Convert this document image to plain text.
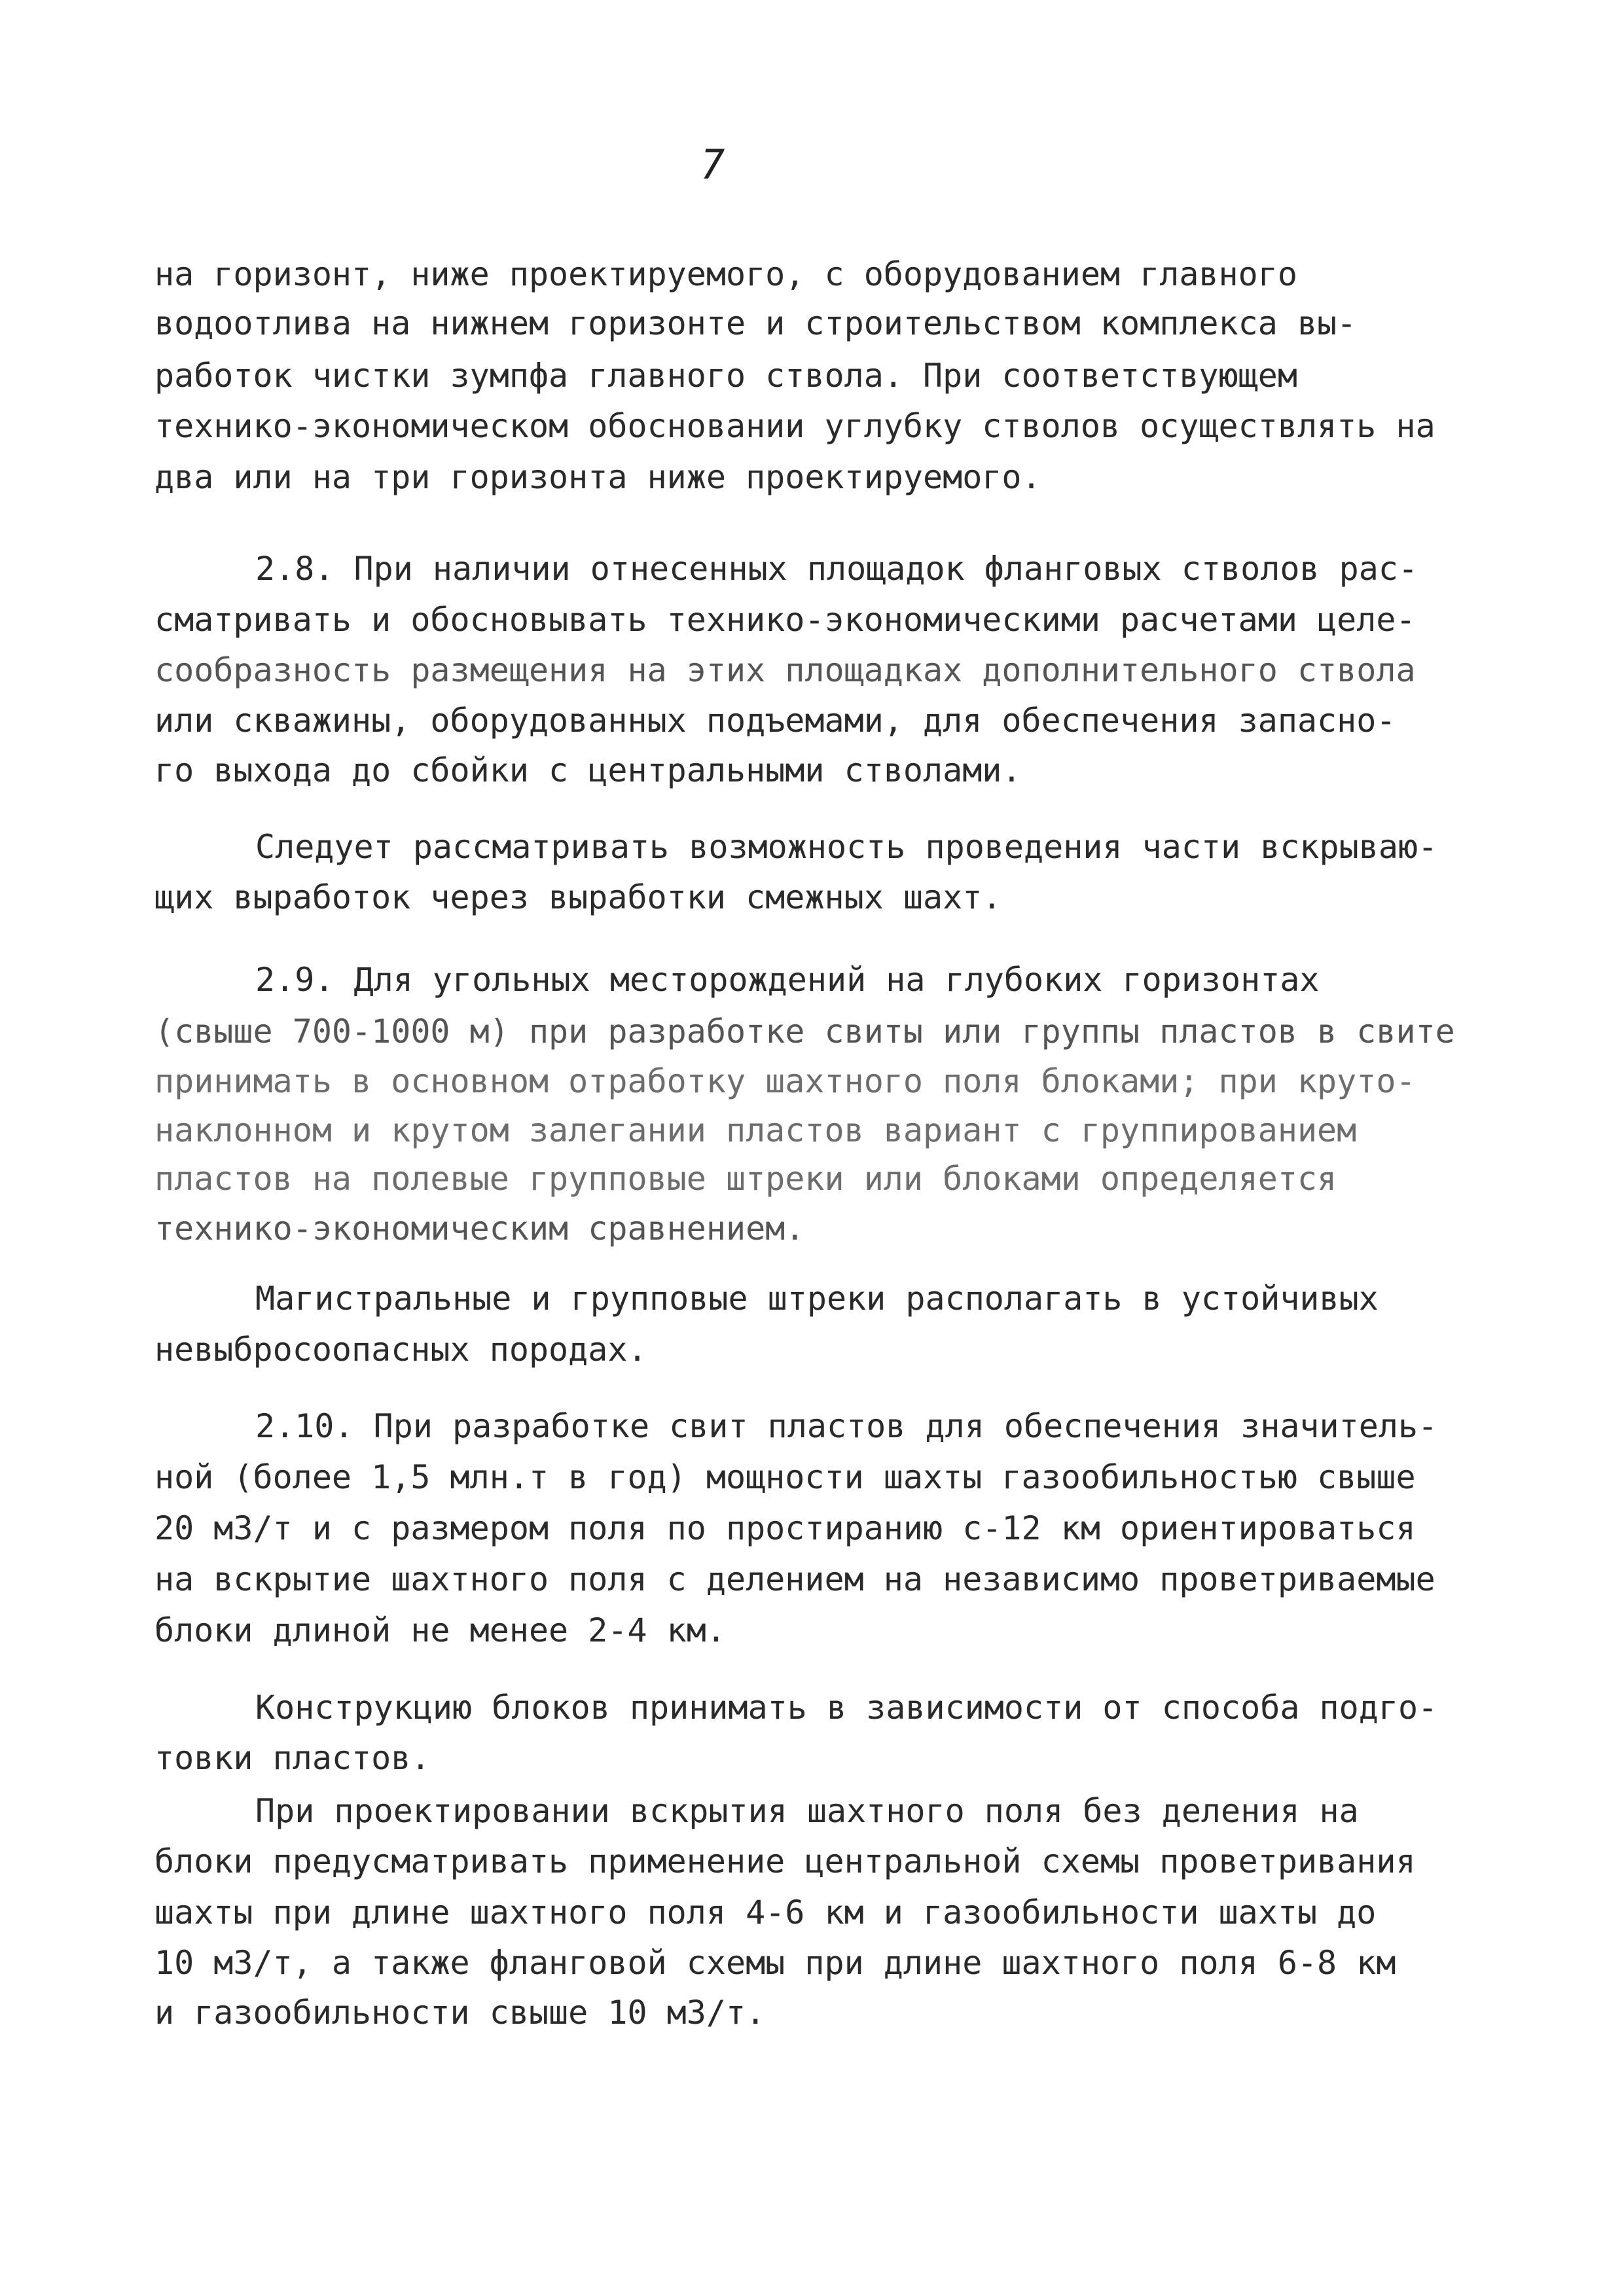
7
на горизонт, ниже проектируемого, с оборудованием главного
водоотлива на нижнем горизонте и строительством комплекса вы-
работок чистки зумпфа главного ствола. При соответствующем
технико-экономическом обосновании углубку стволов осуществлять на
два или на три горизонта ниже проектируемого.
2.8. При наличии отнесенных площадок фланговых стволов рас-
сматривать и обосновывать технико-экономическими расчетами целе-
сообразность размещения на этих площадках дополнительного ствола
или скважины, оборудованных подъемами, для обеспечения запасно-
го выхода до сбойки с центральными стволами.
Следует рассматривать возможность проведения части вскрываю-
щих выработок через выработки смежных шахт.
2.9. Для угольных месторождений на глубоких горизонтах
(свыше 700-1000 м) при разработке свиты или группы пластов в свите
принимать в основном отработку шахтного поля блоками; при круто-
наклонном и крутом залегании пластов вариант с группированием
пластов на полевые групповые штреки или блоками определяется
технико-экономическим сравнением.
Магистральные и групповые штреки располагать в устойчивых
невыбросоопасных породах.
2.10. При разработке свит пластов для обеспечения значитель-
ной (более 1,5 млн.т в год) мощности шахты газообильностью свыше
20 м3/т и с размером поля по простиранию с-12 км ориентироваться
на вскрытие шахтного поля с делением на независимо проветриваемые
блоки длиной не менее 2-4 км.
Конструкцию блоков принимать в зависимости от способа подго-
товки пластов.
При проектировании вскрытия шахтного поля без деления на
блоки предусматривать применение центральной схемы проветривания
шахты при длине шахтного поля 4-6 км и газообильности шахты до
10 м3/т, а также фланговой схемы при длине шахтного поля 6-8 км
и газообильности свыше 10 м3/т.
